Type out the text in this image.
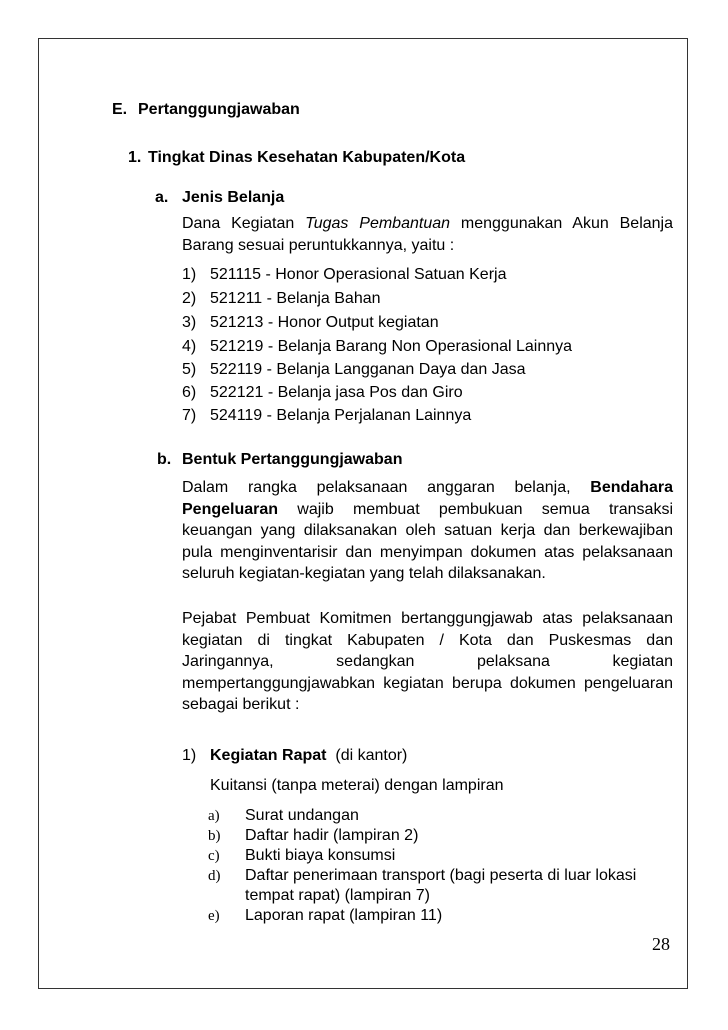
E. Pertanggungjawaban
1. Tingkat Dinas Kesehatan Kabupaten/Kota
a. Jenis Belanja

Dana Kegiatan Tugas Pembantuan menggunakan Akun Belanja Barang sesuai peruntukkannya, yaitu :

1) 521115 - Honor Operasional Satuan Kerja
2) 521211 - Belanja Bahan
3) 521213 - Honor Output kegiatan
4) 521219 - Belanja Barang Non Operasional Lainnya
5) 522119 - Belanja Langganan Daya dan Jasa
6) 522121 - Belanja jasa Pos dan Giro
7) 524119 - Belanja Perjalanan Lainnya
b. Bentuk Pertanggungjawaban

Dalam rangka pelaksanaan anggaran belanja, Bendahara Pengeluaran wajib membuat pembukuan semua transaksi keuangan yang dilaksanakan oleh satuan kerja dan berkewajiban pula menginventarisir dan menyimpan dokumen atas pelaksanaan seluruh kegiatan-kegiatan yang telah dilaksanakan.

Pejabat Pembuat Komitmen bertanggungjawab atas pelaksanaan kegiatan di tingkat Kabupaten / Kota dan Puskesmas dan Jaringannya, sedangkan pelaksana kegiatan mempertanggungjawabkan kegiatan berupa dokumen pengeluaran sebagai berikut :

1) Kegiatan Rapat (di kantor)
Kuitansi (tanpa meterai) dengan lampiran
a) Surat undangan
b) Daftar hadir (lampiran 2)
c) Bukti biaya konsumsi
d) Daftar penerimaan transport (bagi peserta di luar lokasi
tempat rapat) (lampiran 7)
e) Laporan rapat (lampiran 11)
28
